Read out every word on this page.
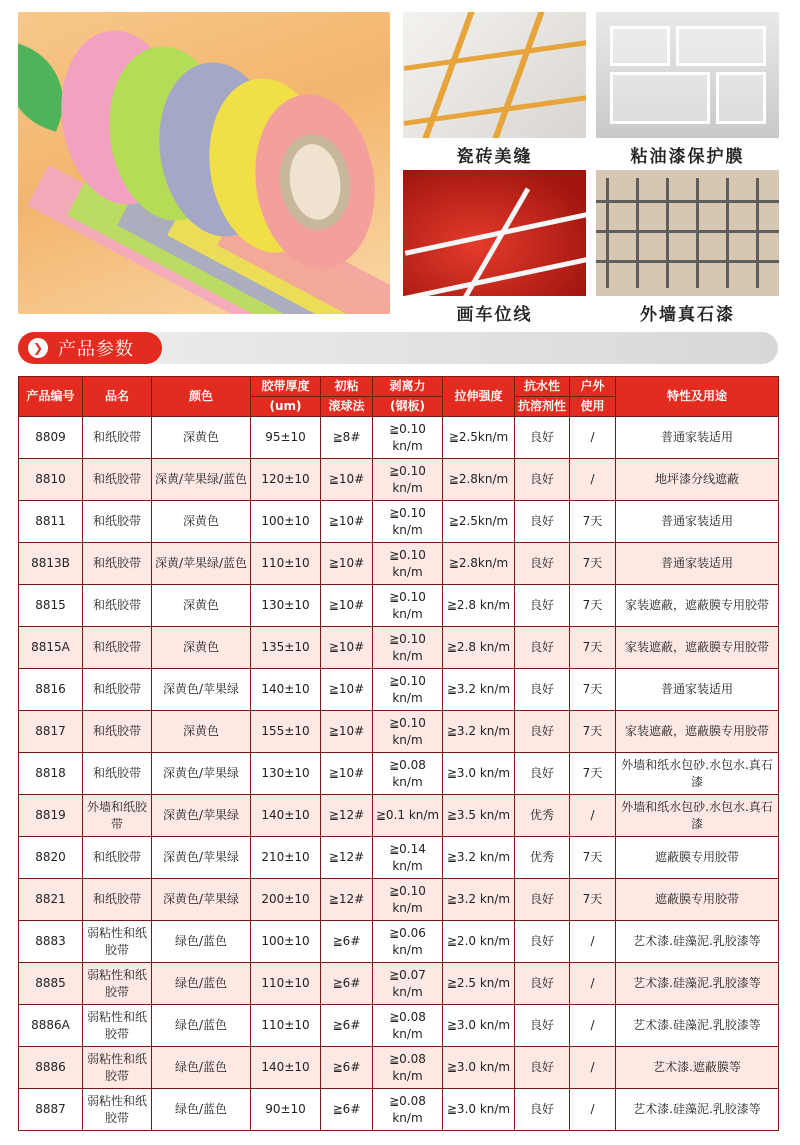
瓷砖美缝	粘油漆保护膜
画车位线	外墙真石漆
❯ 产品参数
产品编号	品名	颜色	胶带厚度	初粘	剥离力	拉伸强度	抗水性	户外	特性及用途
			(um)	滚球法	(钢板)		抗溶剂性	使用	
8809	和纸胶带	深黄色	95±10	≧8#	≧0.10 kn/m	≧2.5kn/m	良好	/	普通家装适用
8810	和纸胶带	深黄/苹果绿/蓝色	120±10	≧10#	≧0.10 kn/m	≧2.8kn/m	良好	/	地坪漆分线遮蔽
8811	和纸胶带	深黄色	100±10	≧10#	≧0.10 kn/m	≧2.5kn/m	良好	7天	普通家装适用
8813B	和纸胶带	深黄/苹果绿/蓝色	110±10	≧10#	≧0.10 kn/m	≧2.8kn/m	良好	7天	普通家装适用
8815	和纸胶带	深黄色	130±10	≧10#	≧0.10 kn/m	≧2.8 kn/m	良好	7天	家装遮蔽，遮蔽膜专用胶带
8815A	和纸胶带	深黄色	135±10	≧10#	≧0.10 kn/m	≧2.8 kn/m	良好	7天	家装遮蔽，遮蔽膜专用胶带
8816	和纸胶带	深黄色/苹果绿	140±10	≧10#	≧0.10 kn/m	≧3.2 kn/m	良好	7天	普通家装适用
8817	和纸胶带	深黄色	155±10	≧10#	≧0.10 kn/m	≧3.2 kn/m	良好	7天	家装遮蔽，遮蔽膜专用胶带
8818	和纸胶带	深黄色/苹果绿	130±10	≧10#	≧0.08 kn/m	≧3.0 kn/m	良好	7天	外墙和纸水包砂.水包水.真石漆
8819	外墙和纸胶带	深黄色/苹果绿	140±10	≧12#	≧0.1 kn/m	≧3.5 kn/m	优秀	/	外墙和纸水包砂.水包水.真石漆
8820	和纸胶带	深黄色/苹果绿	210±10	≧12#	≧0.14 kn/m	≧3.2 kn/m	优秀	7天	遮蔽膜专用胶带
8821	和纸胶带	深黄色/苹果绿	200±10	≧12#	≧0.10 kn/m	≧3.2 kn/m	良好	7天	遮蔽膜专用胶带
8883	弱粘性和纸胶带	绿色/蓝色	100±10	≧6#	≧0.06 kn/m	≧2.0 kn/m	良好	/	艺术漆.硅藻泥.乳胶漆等
8885	弱粘性和纸胶带	绿色/蓝色	110±10	≧6#	≧0.07 kn/m	≧2.5 kn/m	良好	/	艺术漆.硅藻泥.乳胶漆等
8886A	弱粘性和纸胶带	绿色/蓝色	110±10	≧6#	≧0.08 kn/m	≧3.0 kn/m	良好	/	艺术漆.硅藻泥.乳胶漆等
8886	弱粘性和纸胶带	绿色/蓝色	140±10	≧6#	≧0.08 kn/m	≧3.0 kn/m	良好	/	艺术漆.遮蔽膜等
8887	弱粘性和纸胶带	绿色/蓝色	90±10	≧6#	≧0.08 kn/m	≧3.0 kn/m	良好	/	艺术漆.硅藻泥.乳胶漆等
